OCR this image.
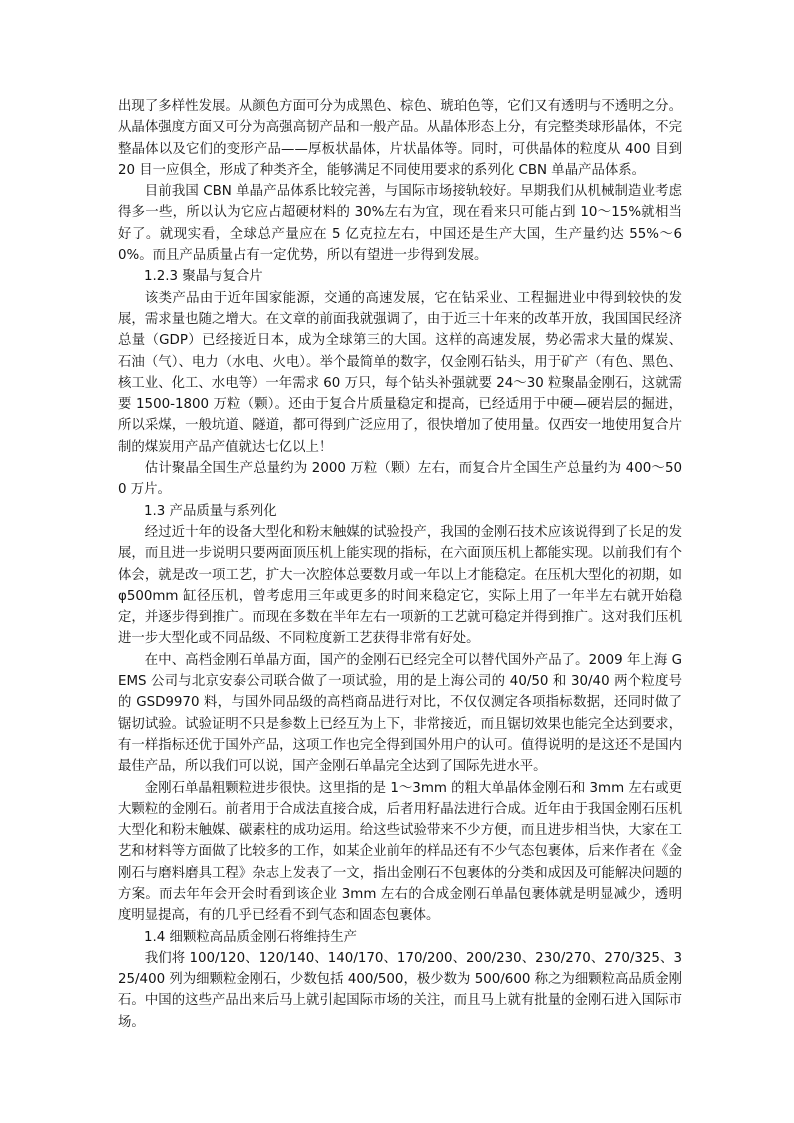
出现了多样性发展。从颜色方面可分为成黑色、棕色、琥珀色等，它们又有透明与不透明之分。从晶体强度方面又可分为高强高韧产品和一般产品。从晶体形态上分，有完整类球形晶体，不完整晶体以及它们的变形产品——厚板状晶体，片状晶体等。同时，可供晶体的粒度从 400 目到 20 目一应俱全，形成了种类齐全，能够满足不同使用要求的系列化 CBN 单晶产品体系。

目前我国 CBN 单晶产品体系比较完善，与国际市场接轨较好。早期我们从机械制造业考虑得多一些，所以认为它应占超硬材料的 30%左右为宜，现在看来只可能占到 10～15%就相当好了。就现实看，全球总产量应在 5 亿克拉左右，中国还是生产大国，生产量约达 55%～60%。而且产品质量占有一定优势，所以有望进一步得到发展。

1.2.3 聚晶与复合片

该类产品由于近年国家能源，交通的高速发展，它在钻采业、工程掘进业中得到较快的发展，需求量也随之增大。在文章的前面我就强调了，由于近三十年来的改革开放，我国国民经济总量（GDP）已经接近日本，成为全球第三的大国。这样的高速发展，势必需求大量的煤炭、石油（气）、电力（水电、火电）。举个最简单的数字，仅金刚石钻头，用于矿产（有色、黑色、核工业、化工、水电等）一年需求 60 万只，每个钻头补强就要 24～30 粒聚晶金刚石，这就需要 1500-1800 万粒（颗）。还由于复合片质量稳定和提高，已经适用于中硬—硬岩层的掘进，所以采煤，一般坑道、隧道，都可得到广泛应用了，很快增加了使用量。仅西安一地使用复合片制的煤炭用产品产值就达七亿以上！

估计聚晶全国生产总量约为 2000 万粒（颗）左右，而复合片全国生产总量约为 400～500 万片。

1.3 产品质量与系列化

经过近十年的设备大型化和粉末触媒的试验投产，我国的金刚石技术应该说得到了长足的发展，而且进一步说明只要两面顶压机上能实现的指标，在六面顶压机上都能实现。以前我们有个体会，就是改一项工艺，扩大一次腔体总要数月或一年以上才能稳定。在压机大型化的初期，如φ500mm 缸径压机，曾考虑用三年或更多的时间来稳定它，实际上用了一年半左右就开始稳定，并逐步得到推广。而现在多数在半年左右一项新的工艺就可稳定并得到推广。这对我们压机进一步大型化或不同品级、不同粒度新工艺获得非常有好处。

在中、高档金刚石单晶方面，国产的金刚石已经完全可以替代国外产品了。2009 年上海 GEMS 公司与北京安泰公司联合做了一项试验，用的是上海公司的 40/50 和 30/40 两个粒度号的 GSD9970 料，与国外同品级的高档商品进行对比，不仅仅测定各项指标数据，还同时做了锯切试验。试验证明不只是参数上已经互为上下，非常接近，而且锯切效果也能完全达到要求，有一样指标还优于国外产品，这项工作也完全得到国外用户的认可。值得说明的是这还不是国内最佳产品，所以我们可以说，国产金刚石单晶完全达到了国际先进水平。

金刚石单晶粗颗粒进步很快。这里指的是 1～3mm 的粗大单晶体金刚石和 3mm 左右或更大颗粒的金刚石。前者用于合成法直接合成，后者用籽晶法进行合成。近年由于我国金刚石压机大型化和粉末触媒、碳素柱的成功运用。给这些试验带来不少方便，而且进步相当快，大家在工艺和材料等方面做了比较多的工作，如某企业前年的样品还有不少气态包裹体，后来作者在《金刚石与磨料磨具工程》杂志上发表了一文，指出金刚石不包裹体的分类和成因及可能解决问题的方案。而去年年会开会时看到该企业 3mm 左右的合成金刚石单晶包裹体就是明显减少，透明度明显提高，有的几乎已经看不到气态和固态包裹体。

1.4 细颗粒高品质金刚石将维持生产

我们将 100/120、120/140、140/170、170/200、200/230、230/270、270/325、325/400 列为细颗粒金刚石，少数包括 400/500，极少数为 500/600 称之为细颗粒高品质金刚石。中国的这些产品出来后马上就引起国际市场的关注，而且马上就有批量的金刚石进入国际市场。
